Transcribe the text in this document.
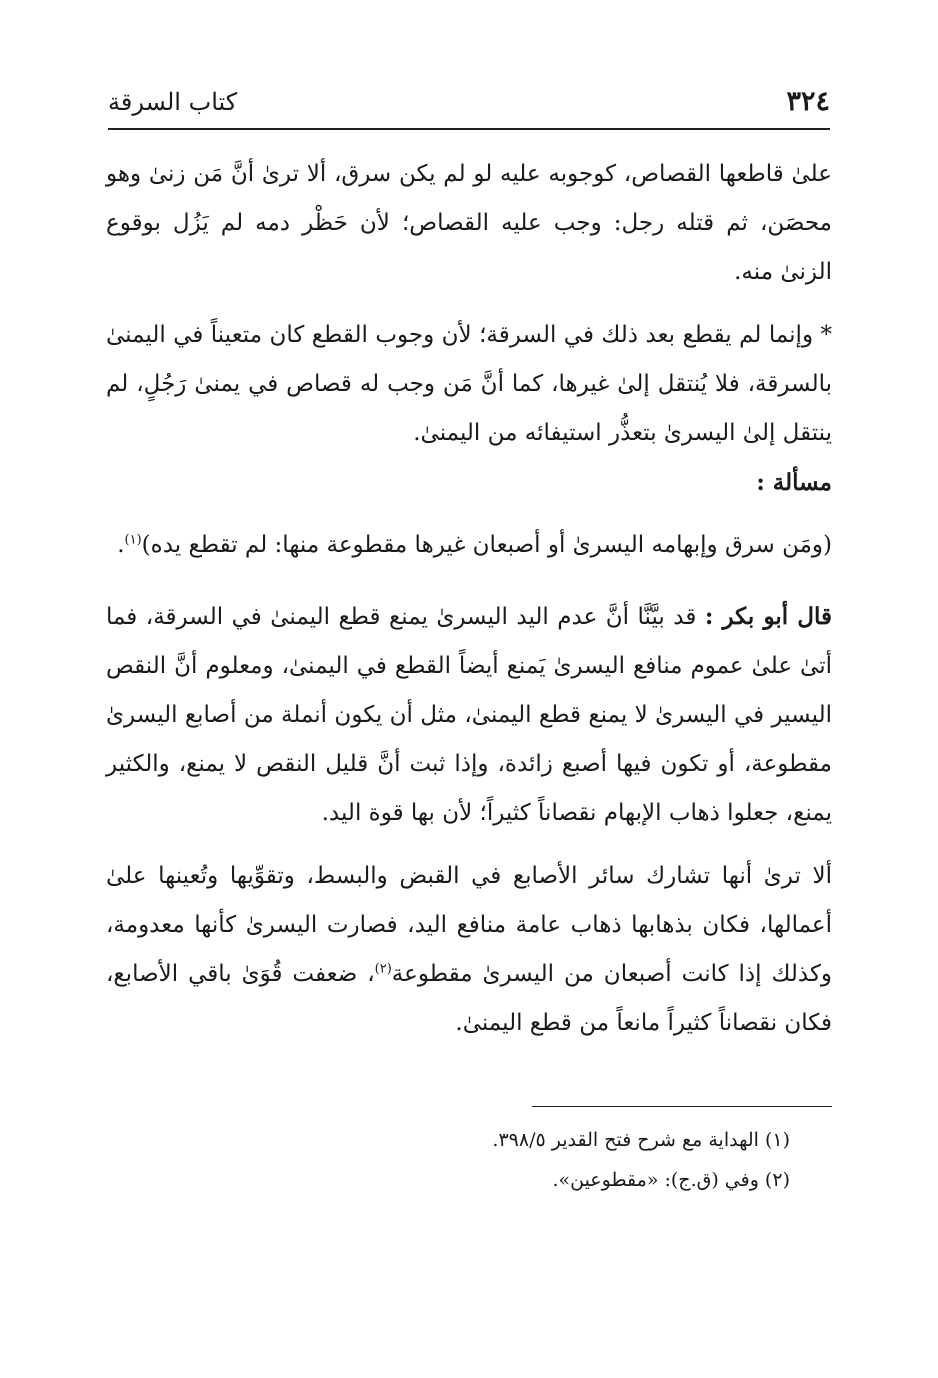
٣٢٤
كتاب السرقة

علىٰ قاطعها القصاص، كوجوبه عليه لو لم يكن سرق، ألا ترىٰ أنَّ مَن زنىٰ وهو محصَن، ثم قتله رجل: وجب عليه القصاص؛ لأن حَظْر دمه لم يَزُل بوقوع الزنىٰ منه.

* وإنما لم يقطع بعد ذلك في السرقة؛ لأن وجوب القطع كان متعيناً في اليمنىٰ بالسرقة، فلا يُنتقل إلىٰ غيرها، كما أنَّ مَن وجب له قصاص في يمنىٰ رَجُلٍ، لم ينتقل إلىٰ اليسرىٰ بتعذُّر استيفائه من اليمنىٰ.

مسألة :

(ومَن سرق وإبهامه اليسرىٰ أو أصبعان غيرها مقطوعة منها: لم تقطع يده)$^{(١)}$.

قال أبو بكر : قد بيَّنَّا أنَّ عدم اليد اليسرىٰ يمنع قطع اليمنىٰ في السرقة، فما أتىٰ علىٰ عموم منافع اليسرىٰ يَمنع أيضاً القطع في اليمنىٰ، ومعلوم أنَّ النقص اليسير في اليسرىٰ لا يمنع قطع اليمنىٰ، مثل أن يكون أنملة من أصابع اليسرىٰ مقطوعة، أو تكون فيها أصبع زائدة، وإذا ثبت أنَّ قليل النقص لا يمنع، والكثير يمنع، جعلوا ذهاب الإبهام نقصاناً كثيراً؛ لأن بها قوة اليد.

ألا ترىٰ أنها تشارك سائر الأصابع في القبض والبسط، وتقوِّيها وتُعينها علىٰ أعمالها، فكان بذهابها ذهاب عامة منافع اليد، فصارت اليسرىٰ كأنها معدومة، وكذلك إذا كانت أصبعان من اليسرىٰ مقطوعة$^{(٢)}$، ضعفت قُوَىٰ باقي الأصابع، فكان نقصاناً كثيراً مانعاً من قطع اليمنىٰ.

(١) الهداية مع شرح فتح القدير ٣٩٨/٥.

(٢) وفي (ق.ج): «مقطوعين».
